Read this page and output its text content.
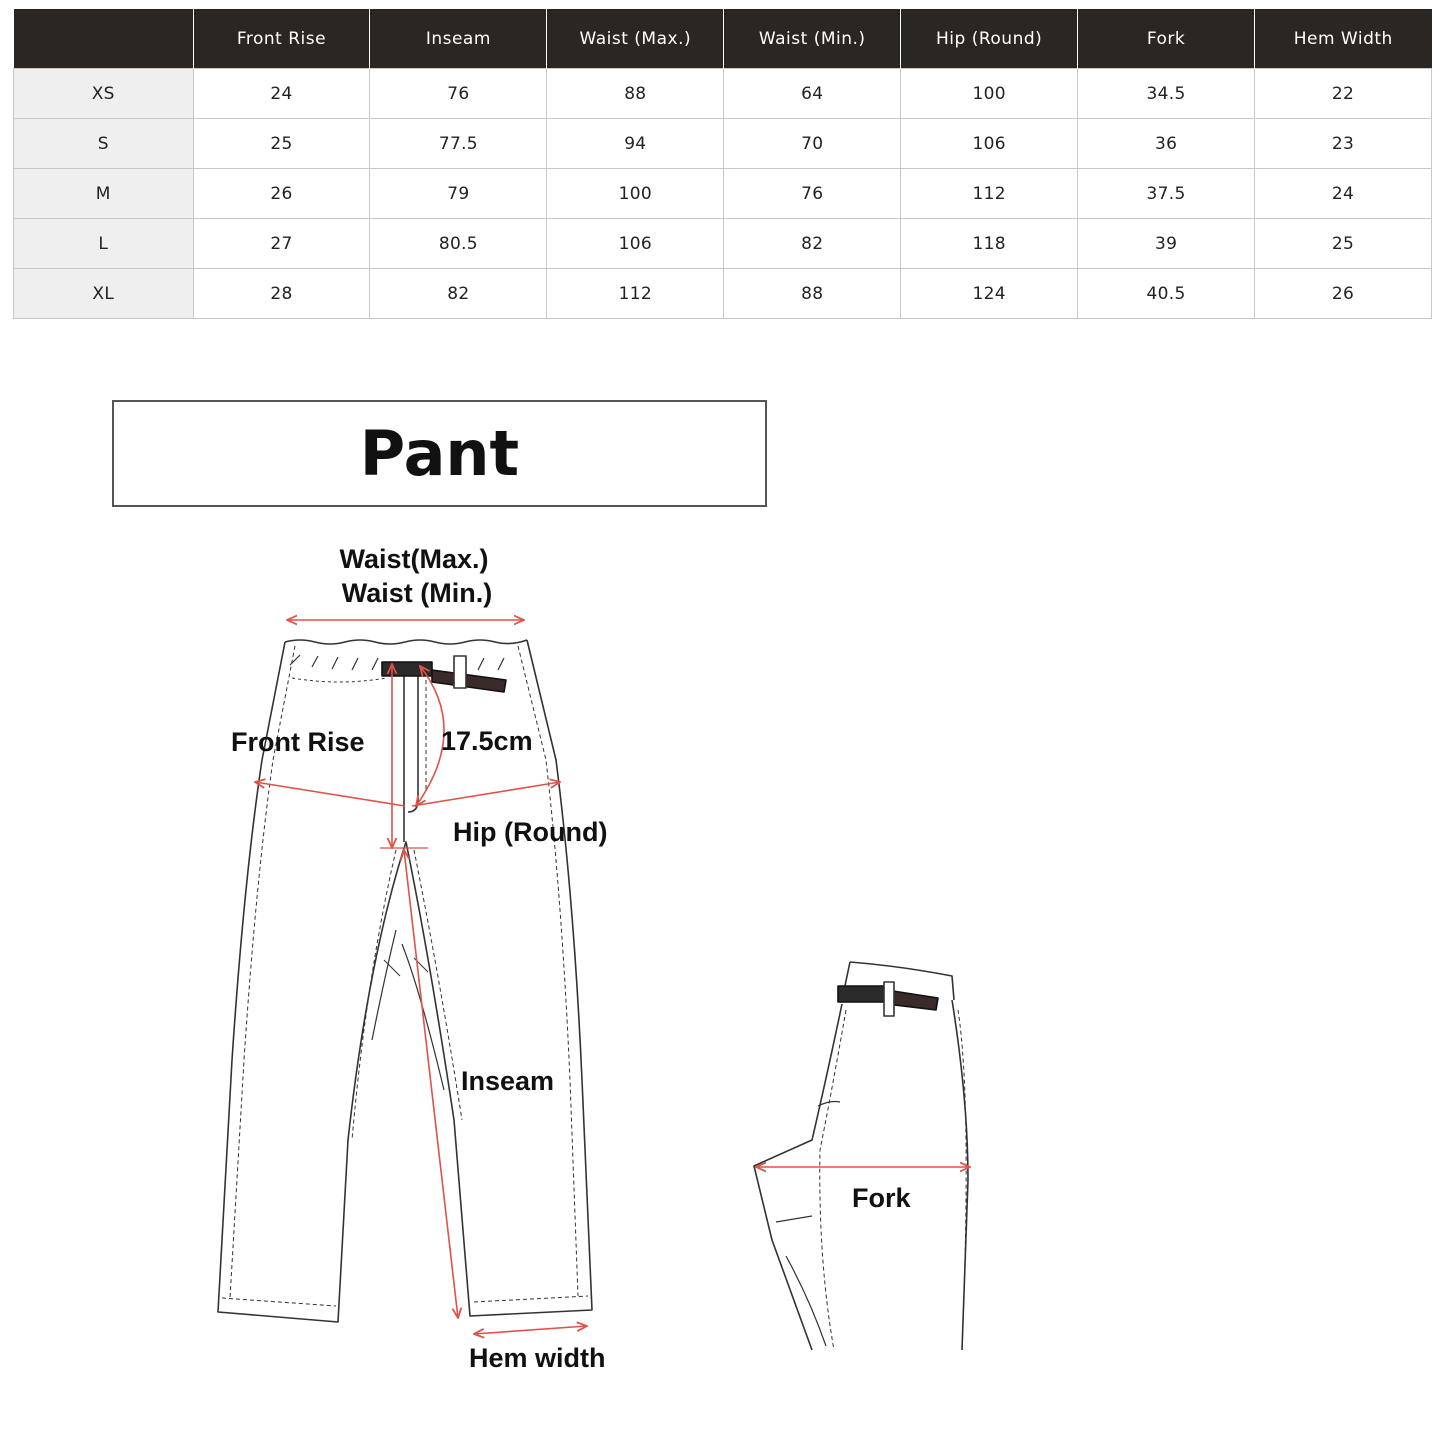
	Front Rise	Inseam	Waist (Max.)	Waist (Min.)	Hip (Round)	Fork	Hem Width
XS	24	76	88	64	100	34.5	22
S	25	77.5	94	70	106	36	23
M	26	79	100	76	112	37.5	24
L	27	80.5	106	82	118	39	25
XL	28	82	112	88	124	40.5	26
Pant
Waist(Max.)
Waist (Min.)
Front Rise	17.5cm
Hip (Round)
Inseam
Hem width
Fork
